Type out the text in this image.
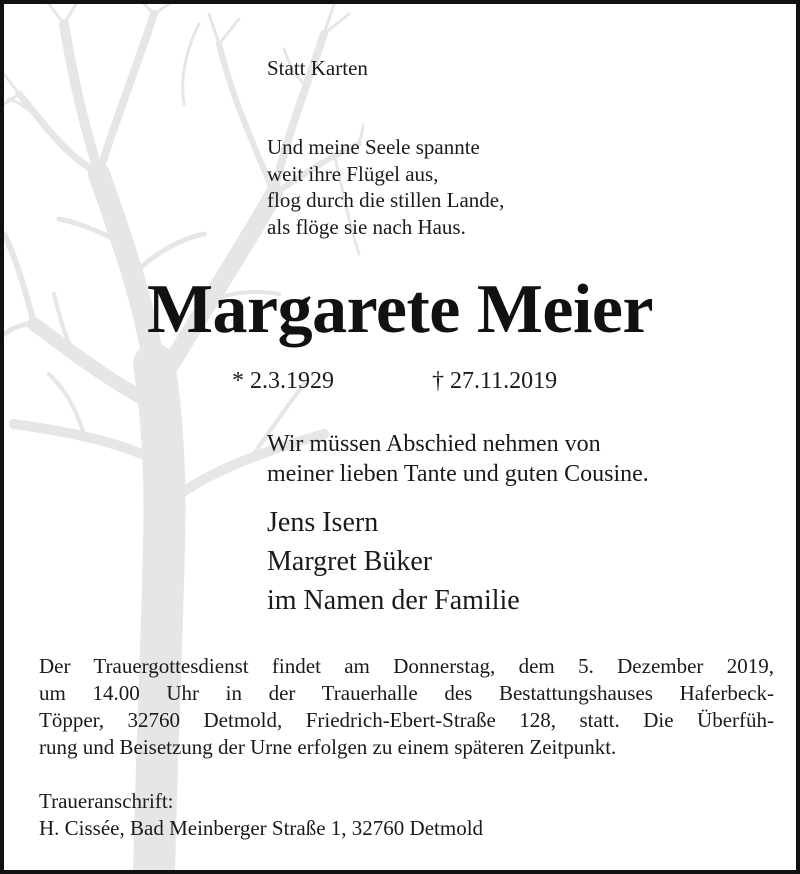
Statt Karten

Und meine Seele spannte
weit ihre Flügel aus,
flog durch die stillen Lande,
als flöge sie nach Haus.
Margarete Meier

* 2.3.1929	† 27.11.2019

Wir müssen Abschied nehmen von
meiner lieben Tante und guten Cousine.
Jens Isern
Margret Büker
im Namen der Familie
Der Trauergottesdienst findet am Donnerstag, dem 5. Dezember 2019,
um 14.00 Uhr in der Trauerhalle des Bestattungshauses Haferbeck-
Töpper, 32760 Detmold, Friedrich-Ebert-Straße 128, statt. Die Überfüh-
rung und Beisetzung der Urne erfolgen zu einem späteren Zeitpunkt.
Traueranschrift:
H. Cissée, Bad Meinberger Straße 1, 32760 Detmold
